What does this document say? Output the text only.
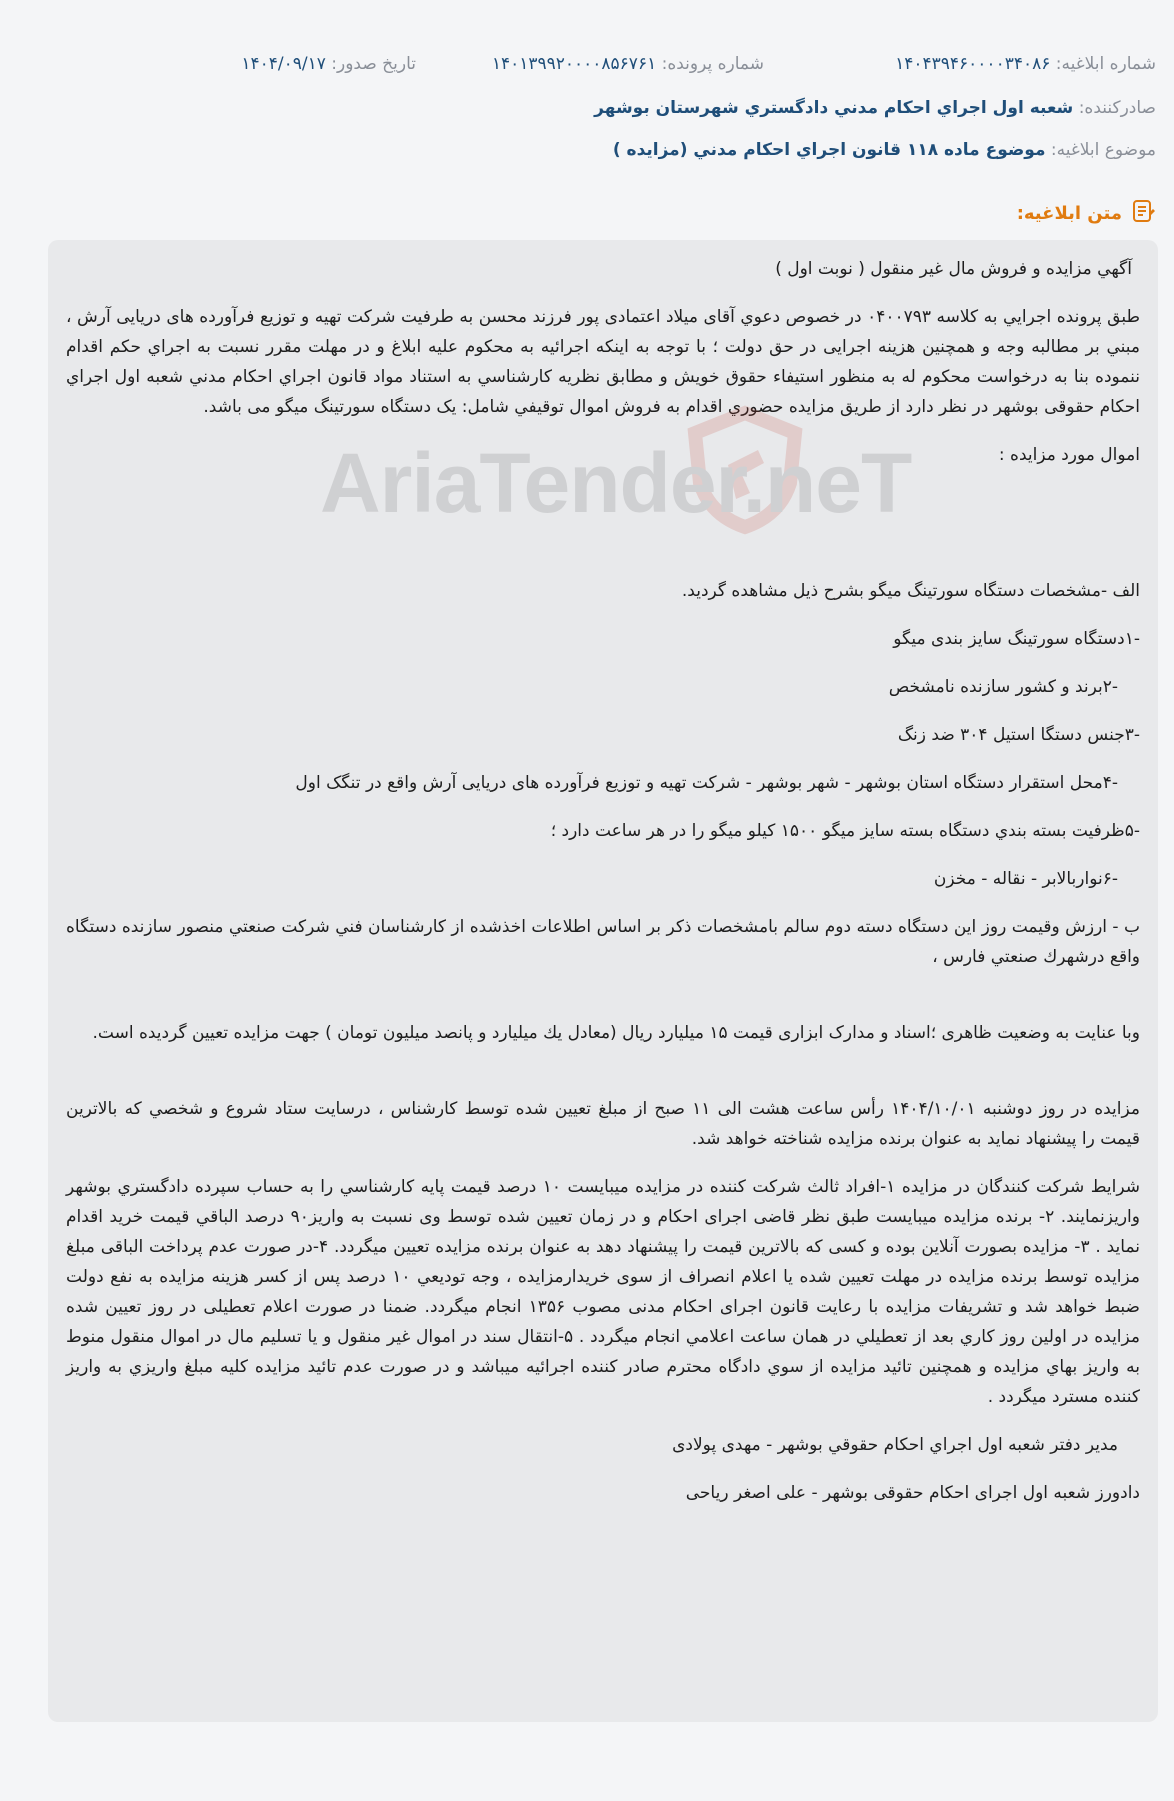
شماره ابلاغيه: ۱۴۰۴۳۹۴۶۰۰۰۰۳۴۰۸۶
شماره پرونده: ۱۴۰۱۳۹۹۲۰۰۰۰۸۵۶۷۶۱
تاريخ صدور: ۱۴۰۴/۰۹/۱۷
صادرکننده: شعبه اول اجراي احکام مدني دادگستري شهرستان بوشهر
موضوع ابلاغيه: موضوع ماده ۱۱۸ قانون اجراي احکام مدني (مزايده )
متن ابلاغيه:

آگهي مزايده و فروش مال غير منقول ( نوبت اول )

طبق پرونده اجرايي به كلاسه ۰۴۰۰۷۹۳ در خصوص دعوي آقای میلاد اعتمادی پور فرزند محسن به طرفیت شرکت تهیه و توزیع فرآورده های دریایی آرش ، مبني بر مطالبه وجه و همچنین هزینه اجرایی در حق دولت ؛ با توجه به اينكه اجرائيه به محكوم عليه ابلاغ و در مهلت مقرر نسبت به اجراي حكم اقدام ننموده بنا به درخواست محكوم له به منظور استيفاء حقوق خويش و مطابق نظريه كارشناسي به استناد مواد قانون اجراي احكام مدني شعبه اول اجراي احكام حقوقی بوشهر در نظر دارد از طريق مزايده حضوري اقدام به فروش اموال توقيفي شامل: یک دستگاه سورتینگ میگو می باشد.

اموال مورد مزايده :

الف -مشخصات دستگاه سورتینگ میگو بشرح ذیل مشاهده گردید.

-۱دستگاه سورتینگ سایز بندی میگو

-۲برند و کشور سازنده نامشخص

-۳جنس دستگا استیل ۳۰۴ ضد زنگ

-۴محل استقرار دستگاه استان بوشهر - شهر بوشهر - شرکت تهیه و توزیع فرآورده های دریایی آرش واقع در تنگک اول

-۵ظرفيت بسته بندي دستگاه بسته سایز میگو ۱۵۰۰ کیلو میگو را در هر ساعت دارد ؛

-۶نواربالابر - نقاله - مخزن

ب - ارزش وقیمت روز اين دستگاه دسته دوم سالم بامشخصات ذكر بر اساس اطلاعات اخذشده از كارشناسان فني شركت صنعتي منصور سازنده دستگاه واقع درشهرك صنعتي فارس ،

وبا عنايت به وضعيت ظاهری ؛اسناد و مدارک ابزاری قیمت ۱۵ میلیارد ریال (معادل يك ميليارد و پانصد ميليون تومان ) جهت مزايده تعيين گرديده است.

مزايده در روز دوشنبه ۱۴۰۴/۱۰/۰۱ رأس ساعت هشت الی ۱۱ صبح از مبلغ تعيين شده توسط کارشناس ، درسایت ستاد شروع و شخصي كه بالاترين قيمت را پيشنهاد نمايد به عنوان برنده مزايده شناخته خواهد شد.

شرايط شركت كنندگان در مزايده ۱-افراد ثالث شركت كننده در مزايده ميبايست ۱۰ درصد قيمت پايه كارشناسي را به حساب سپرده دادگستري بوشهر واريزنمايند. ۲- برنده مزايده ميبايست طبق نظر قاضی اجرای احکام و در زمان تعيين شده توسط وی نسبت به واريز۹۰ درصد الباقي قيمت خريد اقدام نمايد . ۳- مزايده بصورت آنلاین بوده و كسی كه بالاترين قيمت را پيشنهاد دهد به عنوان برنده مزايده تعيين ميگردد. ۴-در صورت عدم پرداخت الباقی مبلغ مزایده توسط برنده مزایده در مهلت تعیین شده یا اعلام انصراف از سوی خریدارمزایده ، وجه توديعي ۱۰ درصد پس از کسر هزینه مزایده به نفع دولت ضبط خواهد شد و تشریفات مزایده با رعایت قانون اجرای احکام مدنی مصوب ۱۳۵۶ انجام میگردد. ضمنا در صورت اعلام تعطیلی در روز تعيين شده مزايده در اولين روز كاري بعد از تعطيلي در همان ساعت اعلامي انجام ميگردد . ۵-انتقال سند در اموال غير منقول و يا تسليم مال در اموال منقول منوط به واريز بهاي مزايده و همچنين تائيد مزايده از سوي دادگاه محترم صادر كننده اجرائيه ميباشد و در صورت عدم تائيد مزايده كليه مبلغ واريزي به واريز كننده مسترد ميگردد .

مدير دفتر شعبه اول اجراي احکام حقوقي بوشهر - مهدی پولادی

دادورز شعبه اول اجرای احکام حقوقی بوشهر - علی اصغر ریاحی
